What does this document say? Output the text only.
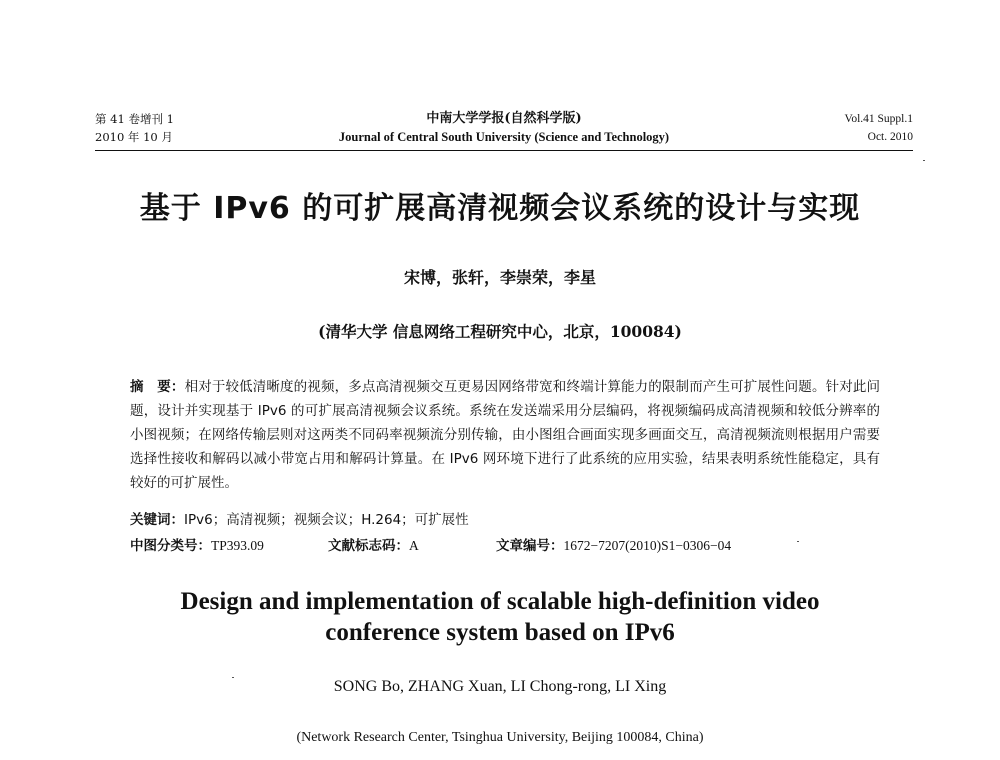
第 41 卷增刊 1
2010 年 10 月
中南大学学报(自然科学版)
Journal of Central South University (Science and Technology)
Vol.41 Suppl.1
Oct. 2010
基于 IPv6 的可扩展高清视频会议系统的设计与实现
宋博，张轩，李崇荣，李星
(清华大学 信息网络工程研究中心，北京，100084)
摘　要：相对于较低清晰度的视频，多点高清视频交互更易因网络带宽和终端计算能力的限制而产生可扩展性问题。针对此问题，设计并实现基于 IPv6 的可扩展高清视频会议系统。系统在发送端采用分层编码，将视频编码成高清视频和较低分辨率的小图视频；在网络传输层则对这两类不同码率视频流分别传输，由小图组合画面实现多画面交互，高清视频流则根据用户需要选择性接收和解码以减小带宽占用和解码计算量。在 IPv6 网环境下进行了此系统的应用实验，结果表明系统性能稳定，具有较好的可扩展性。
关键词：IPv6；高清视频；视频会议；H.264；可扩展性
中图分类号：TP393.09	文献标志码：A	文章编号：1672−7207(2010)S1−0306−04
Design and implementation of scalable high-definition video
conference system based on IPv6
SONG Bo, ZHANG Xuan, LI Chong-rong, LI Xing
(Network Research Center, Tsinghua University, Beijing 100084, China)
